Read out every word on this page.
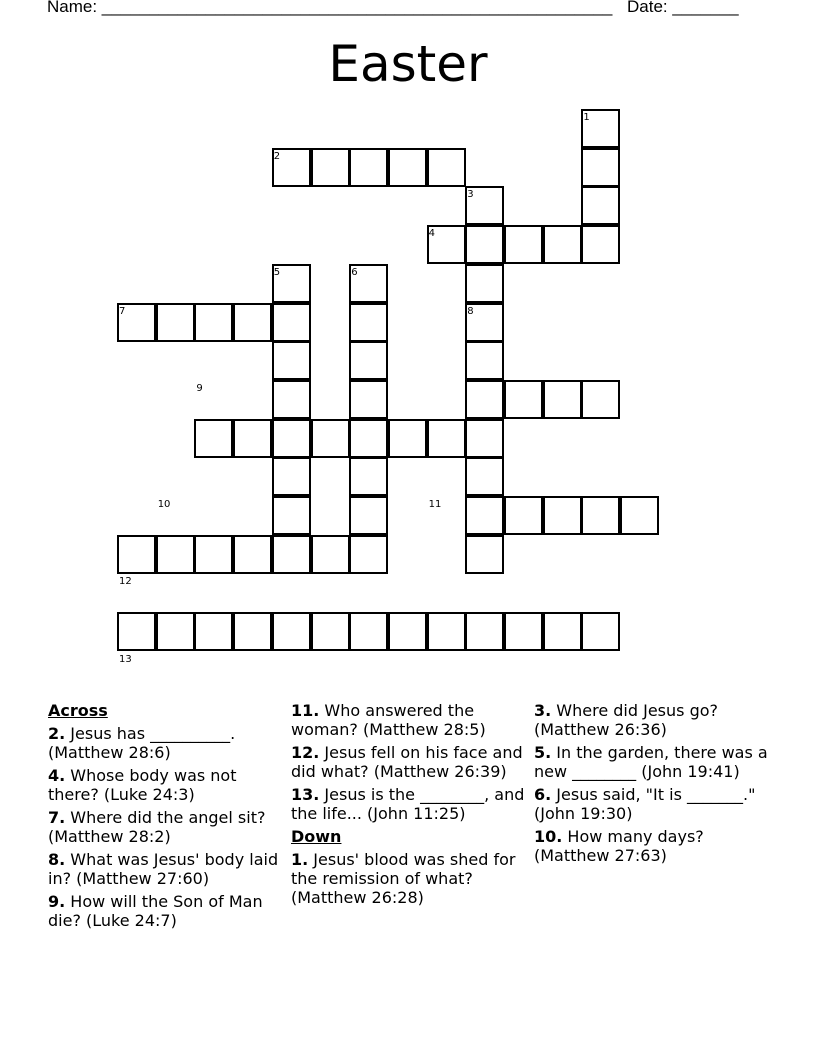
Name: ______________________________________________________ Date: _______
Easter
1
2
3
4
5	6
7	8
9
10	11
12
13
Across
2. Jesus has __________. (Matthew 28:6)
4. Whose body was not there? (Luke 24:3)
7. Where did the angel sit? (Matthew 28:2)
8. What was Jesus' body laid in? (Matthew 27:60)
9. How will the Son of Man die? (Luke 24:7)
11. Who answered the woman? (Matthew 28:5)
12. Jesus fell on his face and did what? (Matthew 26:39)
13. Jesus is the ________, and the life... (John 11:25)
Down
1. Jesus' blood was shed for the remission of what? (Matthew 26:28)
3. Where did Jesus go? (Matthew 26:36)
5. In the garden, there was a new ________ (John 19:41)
6. Jesus said, "It is _______." (John 19:30)
10. How many days? (Matthew 27:63)
